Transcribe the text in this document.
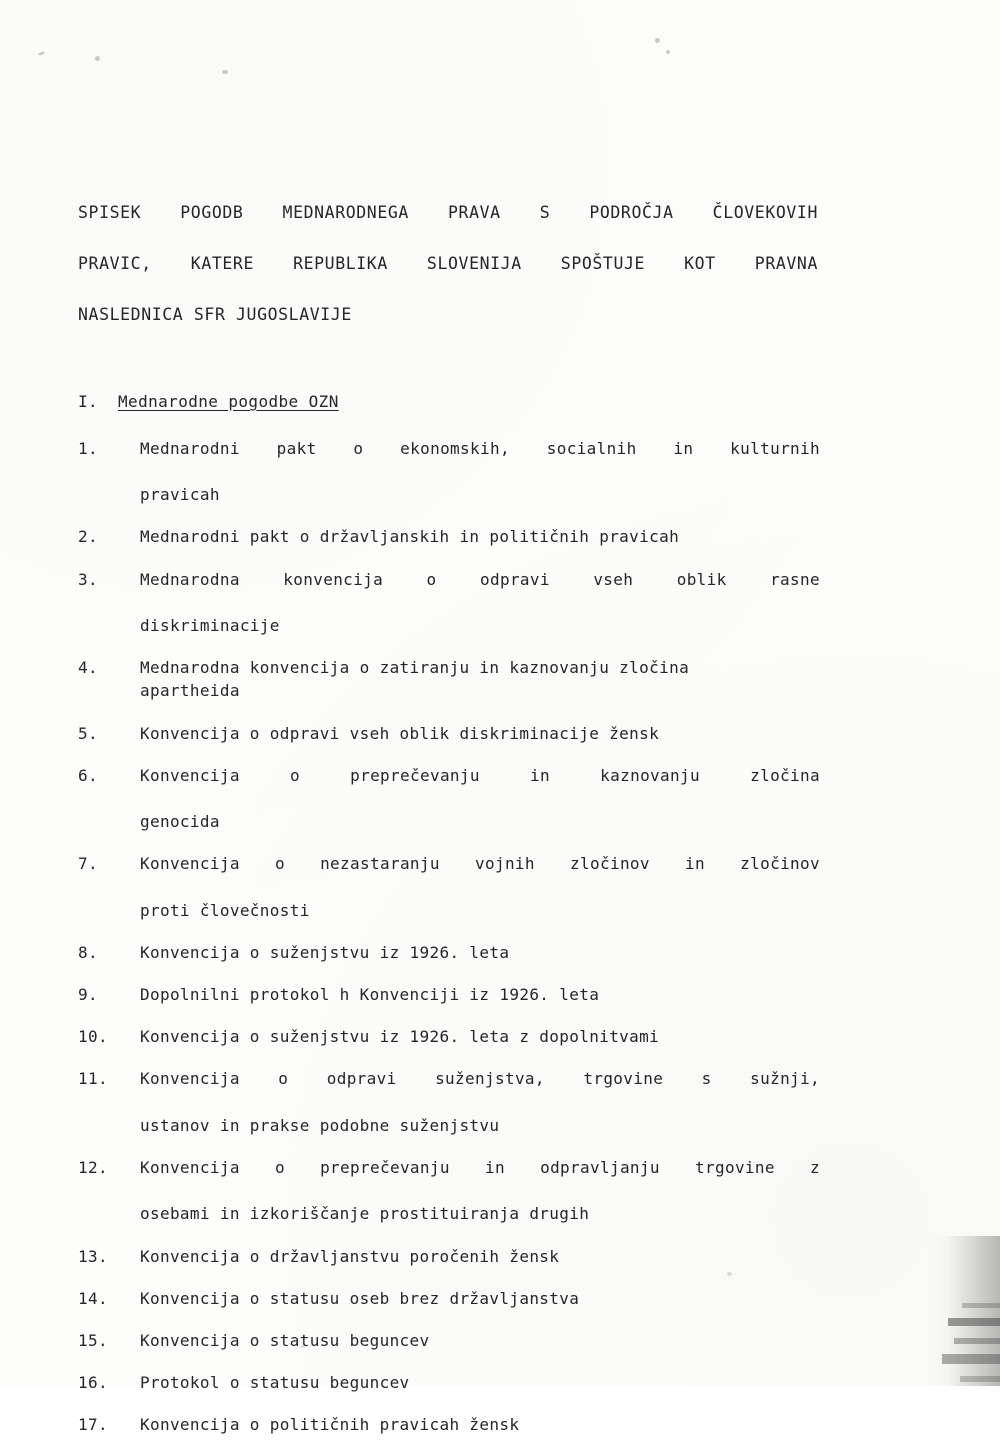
SPISEK POGODB MEDNARODNEGA PRAVA S PODROČJA ČLOVEKOVIH
PRAVIC, KATERE REPUBLIKA SLOVENIJA SPOŠTUJE KOT PRAVNA
NASLEDNICA SFR JUGOSLAVIJE
I.	Mednarodne pogodbe OZN
1.	Mednarodni pakt o ekonomskih, socialnih in kulturnih
pravicah
2.	Mednarodni pakt o državljanskih in političnih pravicah
3.	Mednarodna konvencija o odpravi vseh oblik rasne
diskriminacije
4.	Mednarodna konvencija o zatiranju in kaznovanju zločina
apartheida
5.	Konvencija o odpravi vseh oblik diskriminacije žensk
6.	Konvencija o preprečevanju in kaznovanju zločina
genocida
7.	Konvencija o nezastaranju vojnih zločinov in zločinov
proti človečnosti
8.	Konvencija o suženjstvu iz 1926. leta
9.	Dopolnilni protokol h Konvenciji iz 1926. leta
10.	Konvencija o suženjstvu iz 1926. leta z dopolnitvami
11.	Konvencija o odpravi suženjstva, trgovine s sužnji,
ustanov in prakse podobne suženjstvu
12.	Konvencija o preprečevanju in odpravljanju trgovine z
osebami in izkoriščanje prostituiranja drugih
13.	Konvencija o državljanstvu poročenih žensk
14.	Konvencija o statusu oseb brez državljanstva
15.	Konvencija o statusu beguncev
16.	Protokol o statusu beguncev
17.	Konvencija o političnih pravicah žensk
